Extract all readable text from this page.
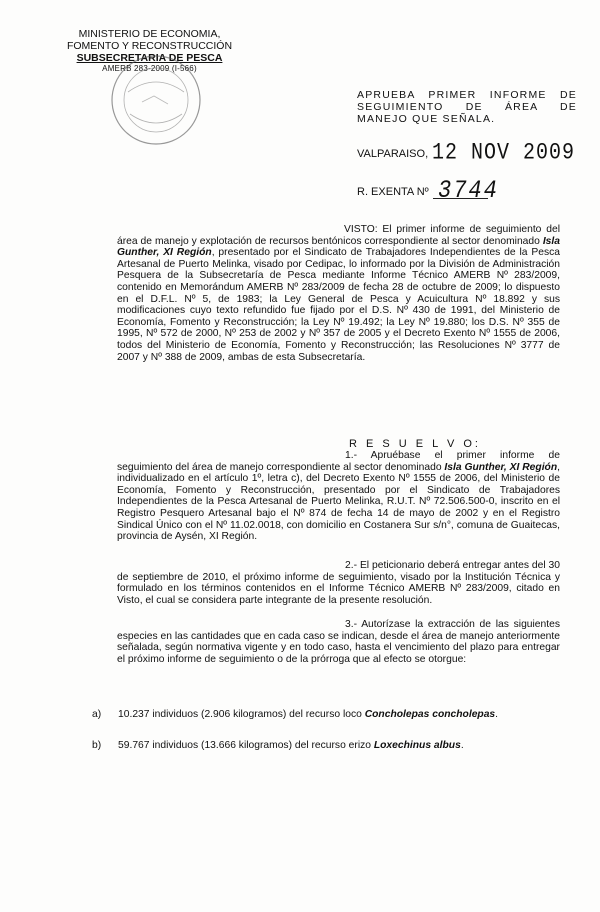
MINISTERIO DE ECONOMIA,
FOMENTO Y RECONSTRUCCIÓN
SUBSECRETARIA DE PESCA
AMERB 283-2009 (I-566)
APRUEBA PRIMER INFORME DE SEGUIMIENTO DE ÁREA DE MANEJO QUE SEÑALA.
VALPARAISO, 12 NOV 2009
R. EXENTA Nº 3744
VISTO: El primer informe de seguimiento del área de manejo y explotación de recursos bentónicos correspondiente al sector denominado Isla Gunther, XI Región, presentado por el Sindicato de Trabajadores Independientes de la Pesca Artesanal de Puerto Melinka, visado por Cedipac, lo informado por la División de Administración Pesquera de la Subsecretaría de Pesca mediante Informe Técnico AMERB Nº 283/2009, contenido en Memorándum AMERB Nº 283/2009 de fecha 28 de octubre de 2009; lo dispuesto en el D.F.L. Nº 5, de 1983; la Ley General de Pesca y Acuicultura Nº 18.892 y sus modificaciones cuyo texto refundido fue fijado por el D.S. Nº 430 de 1991, del Ministerio de Economía, Fomento y Reconstrucción; la Ley Nº 19.492; la Ley Nº 19.880; los D.S. Nº 355 de 1995, Nº 572 de 2000, Nº 253 de 2002 y Nº 357 de 2005 y el Decreto Exento Nº 1555 de 2006, todos del Ministerio de Economía, Fomento y Reconstrucción; las Resoluciones Nº 3777 de 2007 y Nº 388 de 2009, ambas de esta Subsecretaría.
R E S U E L V O:
1.- Apruébase el primer informe de seguimiento del área de manejo correspondiente al sector denominado Isla Gunther, XI Región, individualizado en el artículo 1º, letra c), del Decreto Exento Nº 1555 de 2006, del Ministerio de Economía, Fomento y Reconstrucción, presentado por el Sindicato de Trabajadores Independientes de la Pesca Artesanal de Puerto Melinka, R.U.T. Nº 72.506.500-0, inscrito en el Registro Pesquero Artesanal bajo el Nº 874 de fecha 14 de mayo de 2002 y en el Registro Sindical Único con el Nº 11.02.0018, con domicilio en Costanera Sur s/n°, comuna de Guaitecas, provincia de Aysén, XI Región.
2.- El peticionario deberá entregar antes del 30 de septiembre de 2010, el próximo informe de seguimiento, visado por la Institución Técnica y formulado en los términos contenidos en el Informe Técnico AMERB Nº 283/2009, citado en Visto, el cual se considera parte integrante de la presente resolución.
3.- Autorízase la extracción de las siguientes especies en las cantidades que en cada caso se indican, desde el área de manejo anteriormente señalada, según normativa vigente y en todo caso, hasta el vencimiento del plazo para entregar el próximo informe de seguimiento o de la prórroga que al efecto se otorgue:
a) 10.237 individuos (2.906 kilogramos) del recurso loco Concholepas concholepas.
b) 59.767 individuos (13.666 kilogramos) del recurso erizo Loxechinus albus.
